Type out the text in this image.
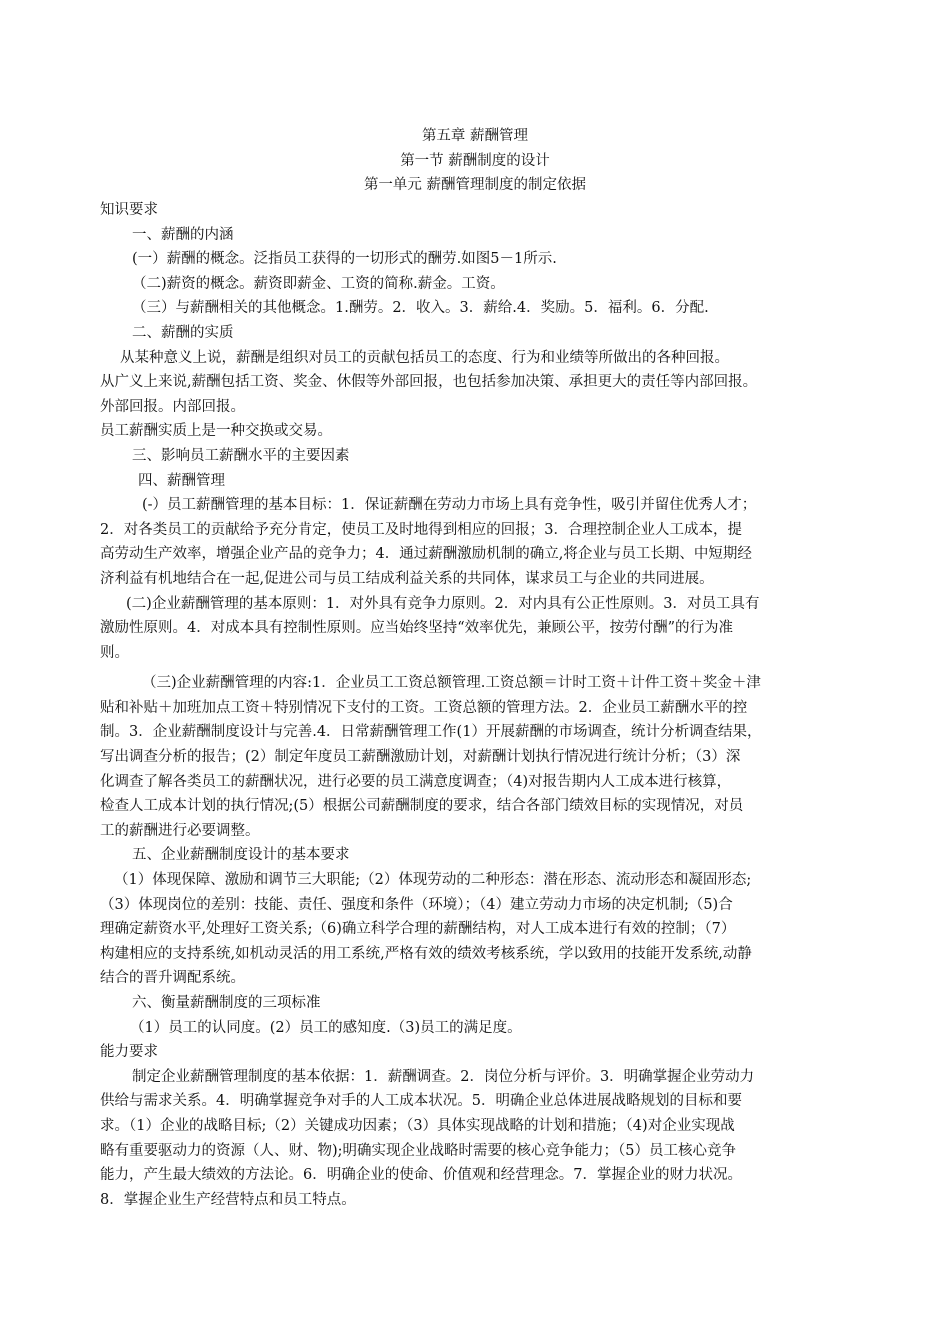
第五章 薪酬管理
第一节 薪酬制度的设计
第一单元 薪酬管理制度的制定依据
知识要求
一、薪酬的内涵
(一）薪酬的概念。泛指员工获得的一切形式的酬劳.如图5－1所示.
（二)薪资的概念。薪资即薪金、工资的简称.薪金。工资。
（三）与薪酬相关的其他概念。1.酬劳。2．收入。3．薪给.4．奖励。5．福利。6．分配.
二、薪酬的实质
从某种意义上说，薪酬是组织对员工的贡献包括员工的态度、行为和业绩等所做出的各种回报。
从广义上来说,薪酬包括工资、奖金、休假等外部回报，也包括参加决策、承担更大的责任等内部回报。
外部回报。内部回报。
员工薪酬实质上是一种交换或交易。
三、影响员工薪酬水平的主要因素
四、薪酬管理
(-）员工薪酬管理的基本目标：1．保证薪酬在劳动力市场上具有竞争性，吸引并留住优秀人才；
2．对各类员工的贡献给予充分肯定，使员工及时地得到相应的回报；3．合理控制企业人工成本，提
高劳动生产效率，增强企业产品的竞争力；4．通过薪酬激励机制的确立,将企业与员工长期、中短期经
济利益有机地结合在一起,促进公司与员工结成利益关系的共同体，谋求员工与企业的共同进展。
(二)企业薪酬管理的基本原则：1．对外具有竞争力原则。2．对内具有公正性原则。3．对员工具有
激励性原则。4．对成本具有控制性原则。应当始终坚持“效率优先，兼顾公平，按劳付酬”的行为准
则。
（三)企业薪酬管理的内容:1．企业员工工资总额管理.工资总额＝计时工资＋计件工资＋奖金＋津
贴和补贴＋加班加点工资＋特别情况下支付的工资。工资总额的管理方法。2．企业员工薪酬水平的控
制。3．企业薪酬制度设计与完善.4．日常薪酬管理工作(1）开展薪酬的市场调查，统计分析调查结果，
写出调查分析的报告；(2）制定年度员工薪酬激励计划，对薪酬计划执行情况进行统计分析；（3）深
化调查了解各类员工的薪酬状况，进行必要的员工满意度调查；（4)对报告期内人工成本进行核算，
检查人工成本计划的执行情况;(5）根据公司薪酬制度的要求，结合各部门绩效目标的实现情况，对员
工的薪酬进行必要调整。
五、企业薪酬制度设计的基本要求
（1）体现保障、激励和调节三大职能;（2）体现劳动的二种形态：潜在形态、流动形态和凝固形态;
（3）体现岗位的差别：技能、责任、强度和条件（环境）；（4）建立劳动力市场的决定机制;（5)合
理确定薪资水平,处理好工资关系;（6)确立科学合理的薪酬结构，对人工成本进行有效的控制；（7）
构建相应的支持系统,如机动灵活的用工系统,严格有效的绩效考核系统，学以致用的技能开发系统,动静
结合的晋升调配系统。
六、衡量薪酬制度的三项标准
（1）员工的认同度。(2）员工的感知度.（3)员工的满足度。
能力要求
制定企业薪酬管理制度的基本依据：1．薪酬调查。2．岗位分析与评价。3．明确掌握企业劳动力
供给与需求关系。4．明确掌握竞争对手的人工成本状况。5．明确企业总体进展战略规划的目标和要
求。（1）企业的战略目标;（2）关键成功因素；（3）具体实现战略的计划和措施；（4)对企业实现战
略有重要驱动力的资源（人、财、物);明确实现企业战略时需要的核心竞争能力；（5）员工核心竞争
能力，产生最大绩效的方法论。6．明确企业的使命、价值观和经营理念。7．掌握企业的财力状况。
8．掌握企业生产经营特点和员工特点。
